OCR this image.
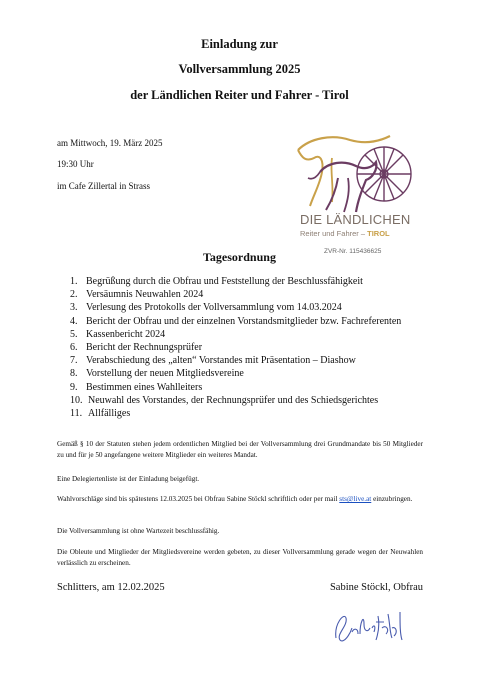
Einladung zur
Vollversammlung 2025
der Ländlichen Reiter und Fahrer - Tirol
am Mittwoch, 19. März 2025
19:30 Uhr
im Cafe Zillertal in Strass
DIE LÄNDLICHEN
Reiter und Fahrer – TIROL
ZVR-Nr. 115436625
Tagesordnung
1. Begrüßung durch die Obfrau und Feststellung der Beschlussfähigkeit
2. Versäumnis Neuwahlen 2024
3. Verlesung des Protokolls der Vollversammlung vom 14.03.2024
4. Bericht der Obfrau und der einzelnen Vorstandsmitglieder bzw. Fachreferenten
5. Kassenbericht 2024
6. Bericht der Rechnungsprüfer
7. Verabschiedung des „alten“ Vorstandes mit Präsentation – Diashow
8. Vorstellung der neuen Mitgliedsvereine
9. Bestimmen eines Wahlleiters
10. Neuwahl des Vorstandes, der Rechnungsprüfer und des Schiedsgerichtes
11. Allfälliges
Gemäß § 10 der Statuten stehen jedem ordentlichen Mitglied bei der Vollversammlung drei Grundmandate bis 50 Mitglieder zu und für je 50 angefangene weitere Mitglieder ein weiteres Mandat.
Eine Delegiertenliste ist der Einladung beigefügt.
Wahlvorschläge sind bis spätestens 12.03.2025 bei Obfrau Sabine Stöckl schriftlich oder per mail sts@live.at einzubringen.
Die Vollversammlung ist ohne Wartezeit beschlussfähig.
Die Obleute und Mitglieder der Mitgliedsvereine werden gebeten, zu dieser Vollversammlung gerade wegen der Neuwahlen verlässlich zu erscheinen.
Schlitters, am 12.02.2025	Sabine Stöckl, Obfrau
